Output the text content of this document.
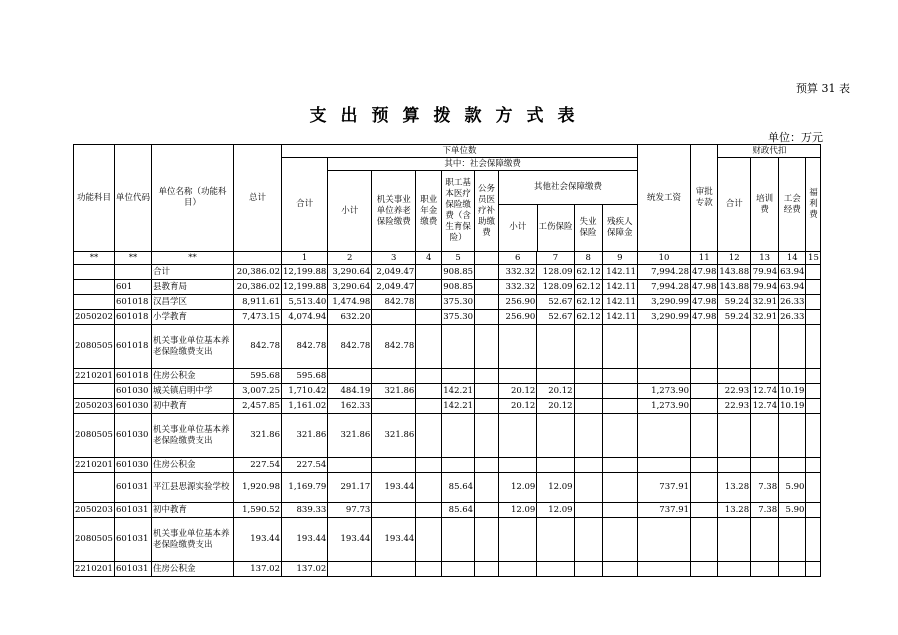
预算 31 表
支出预算拨款方式表
单位：万元
功能科目	单位代码	单位名称（功能科目）	总计	下单位数	统发工资	审批专款	财政代扣
合计	其中：社会保障缴费	合计	培训费	工会经费	福利费
小计	机关事业单位养老保险缴费	职业年金缴费	职工基本医疗保险缴费（含生育保险）	公务员医疗补助缴费	
其他社会保障缴费
小计	工伤保险	失业保险	残疾人保障金

**	**	**		1	2	3	4	5		6	7	8	9	10	11	12	13	14	15
		合计	20,386.02	12,199.88	3,290.64	2,049.47		908.85		332.32	128.09	62.12	142.11	7,994.28	47.98	143.88	79.94	63.94	
	601	县教育局	20,386.02	12,199.88	3,290.64	2,049.47		908.85		332.32	128.09	62.12	142.11	7,994.28	47.98	143.88	79.94	63.94	
	601018	汉昌学区	8,911.61	5,513.40	1,474.98	842.78		375.30		256.90	52.67	62.12	142.11	3,290.99	47.98	59.24	32.91	26.33	
2050202	601018	小学教育	7,473.15	4,074.94	632.20			375.30		256.90	52.67	62.12	142.11	3,290.99	47.98	59.24	32.91	26.33	
2080505	601018	机关事业单位基本养老保险缴费支出	842.78	842.78	842.78	842.78													
2210201	601018	住房公积金	595.68	595.68															
	601030	城关镇启明中学	3,007.25	1,710.42	484.19	321.86		142.21		20.12	20.12			1,273.90		22.93	12.74	10.19	
2050203	601030	初中教育	2,457.85	1,161.02	162.33			142.21		20.12	20.12			1,273.90		22.93	12.74	10.19	
2080505	601030	机关事业单位基本养老保险缴费支出	321.86	321.86	321.86	321.86													
2210201	601030	住房公积金	227.54	227.54															
	601031	平江县思源实验学校	1,920.98	1,169.79	291.17	193.44		85.64		12.09	12.09			737.91		13.28	7.38	5.90	
2050203	601031	初中教育	1,590.52	839.33	97.73			85.64		12.09	12.09			737.91		13.28	7.38	5.90	
2080505	601031	机关事业单位基本养老保险缴费支出	193.44	193.44	193.44	193.44													
2210201	601031	住房公积金	137.02	137.02															
